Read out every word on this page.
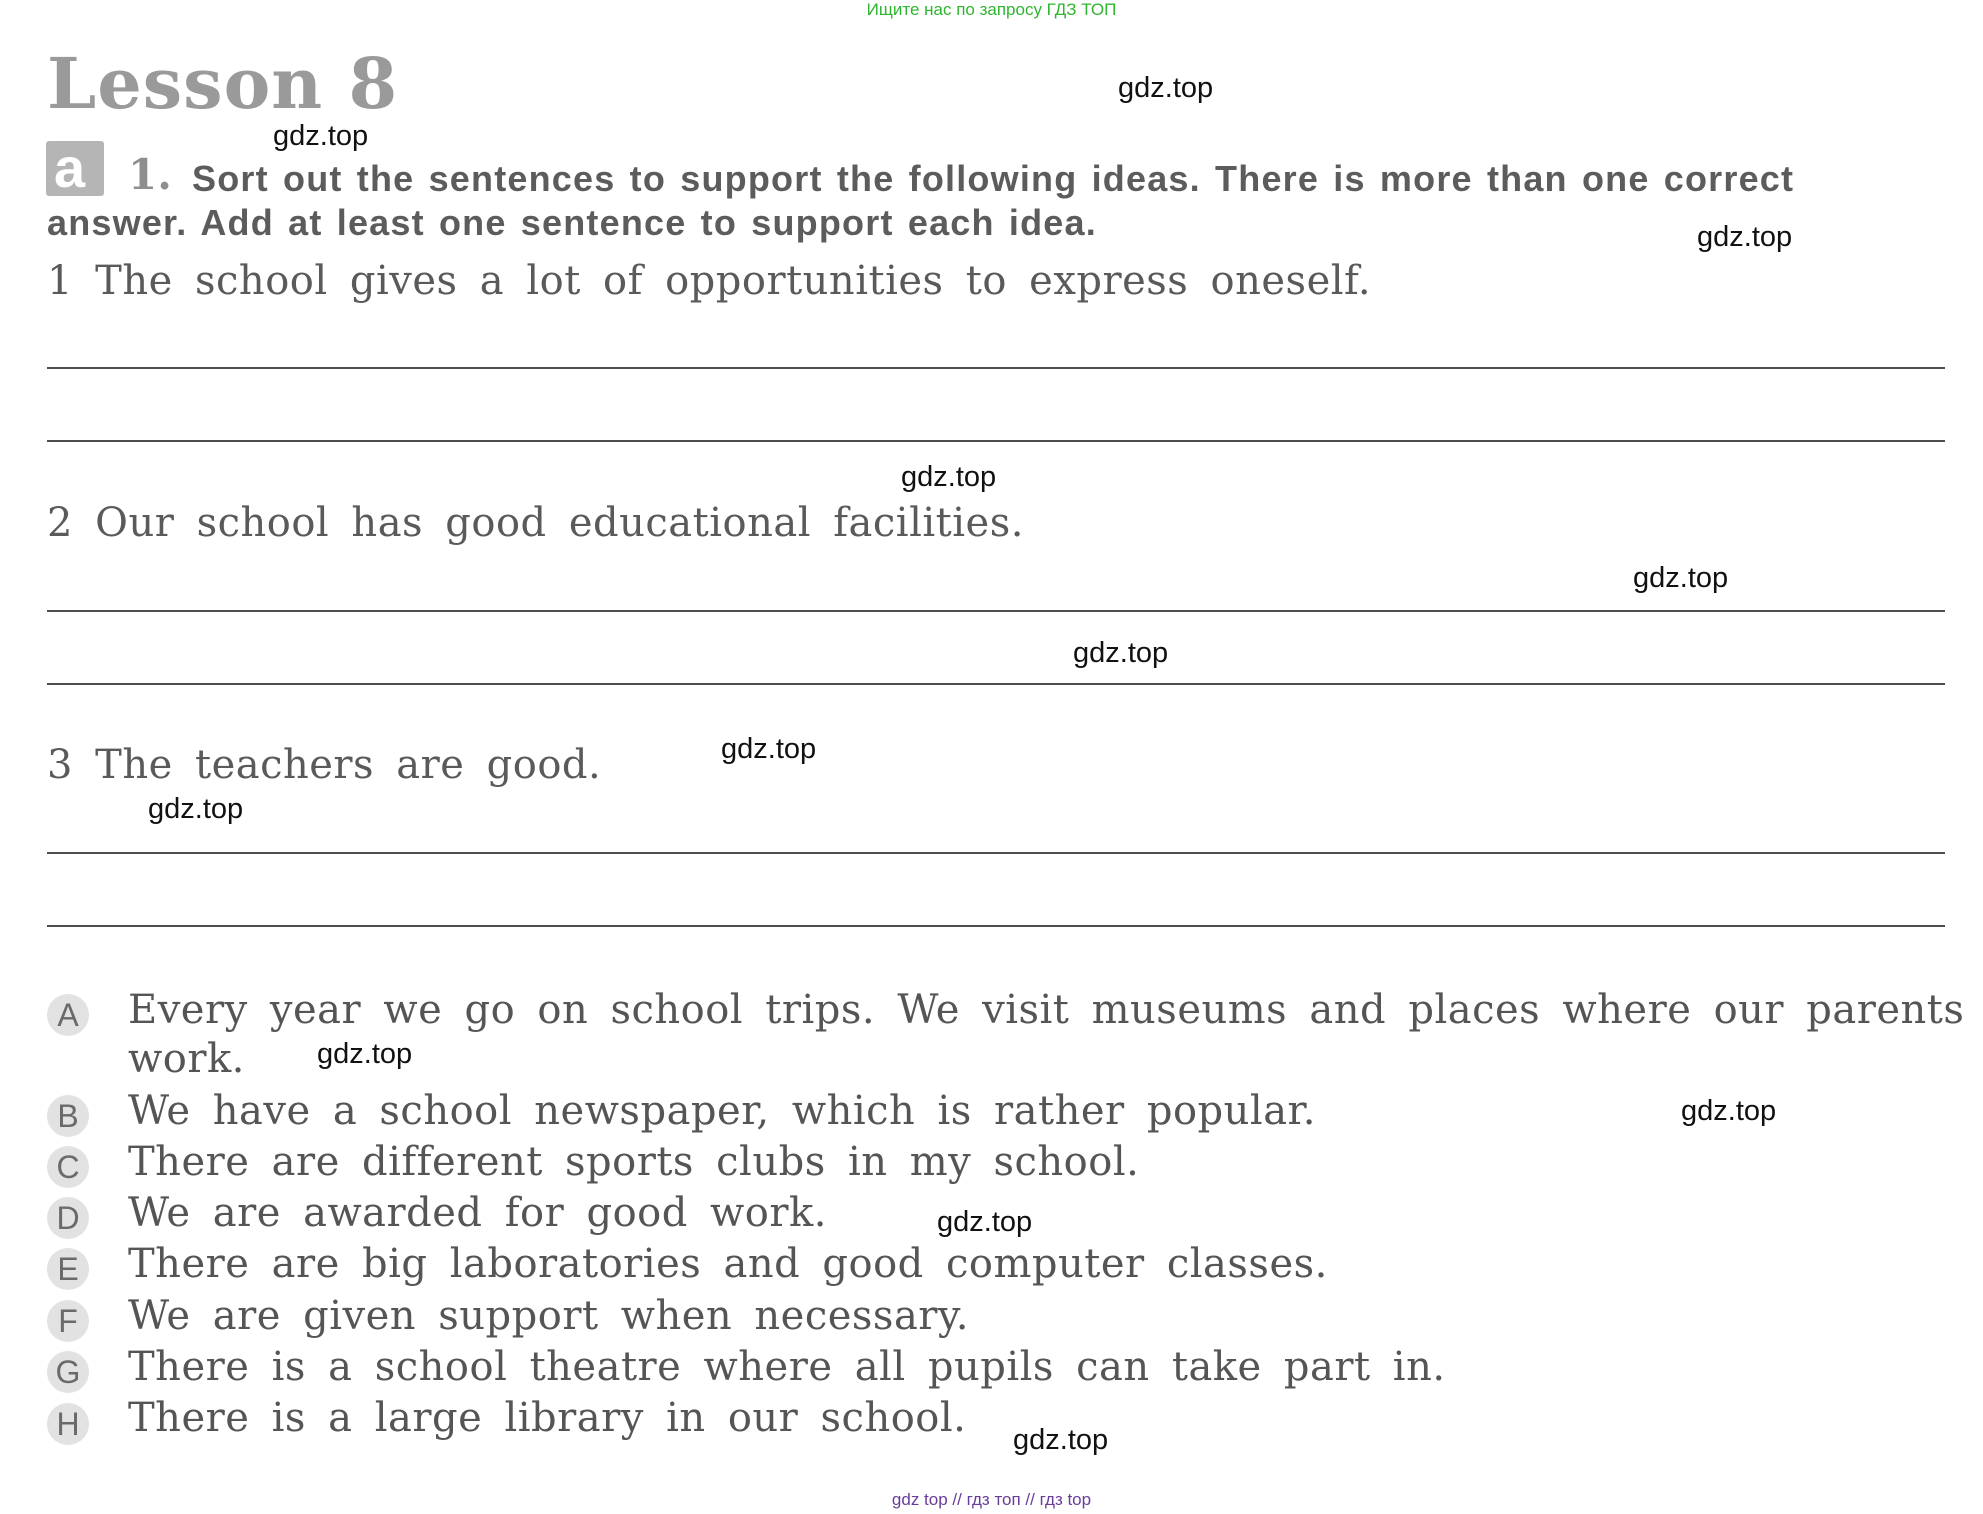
Ищите нас по запросу ГДЗ ТОП
Lesson 8
a 1. Sort out the sentences to support the following ideas. There is more than one correct
answer. Add at least one sentence to support each idea.
1 The school gives a lot of opportunities to express oneself.
2 Our school has good educational facilities.
3 The teachers are good.
A Every year we go on school trips. We visit museums and places where our parents
work.
B We have a school newspaper, which is rather popular.
C There are different sports clubs in my school.
D We are awarded for good work.
E There are big laboratories and good computer classes.
F We are given support when necessary.
G There is a school theatre where all pupils can take part in.
H There is a large library in our school.
gdz.top
gdz.top
gdz.top
gdz.top
gdz.top
gdz.top
gdz.top
gdz.top
gdz.top
gdz.top
gdz.top
gdz.top
gdz top // гдз топ // гдз top
